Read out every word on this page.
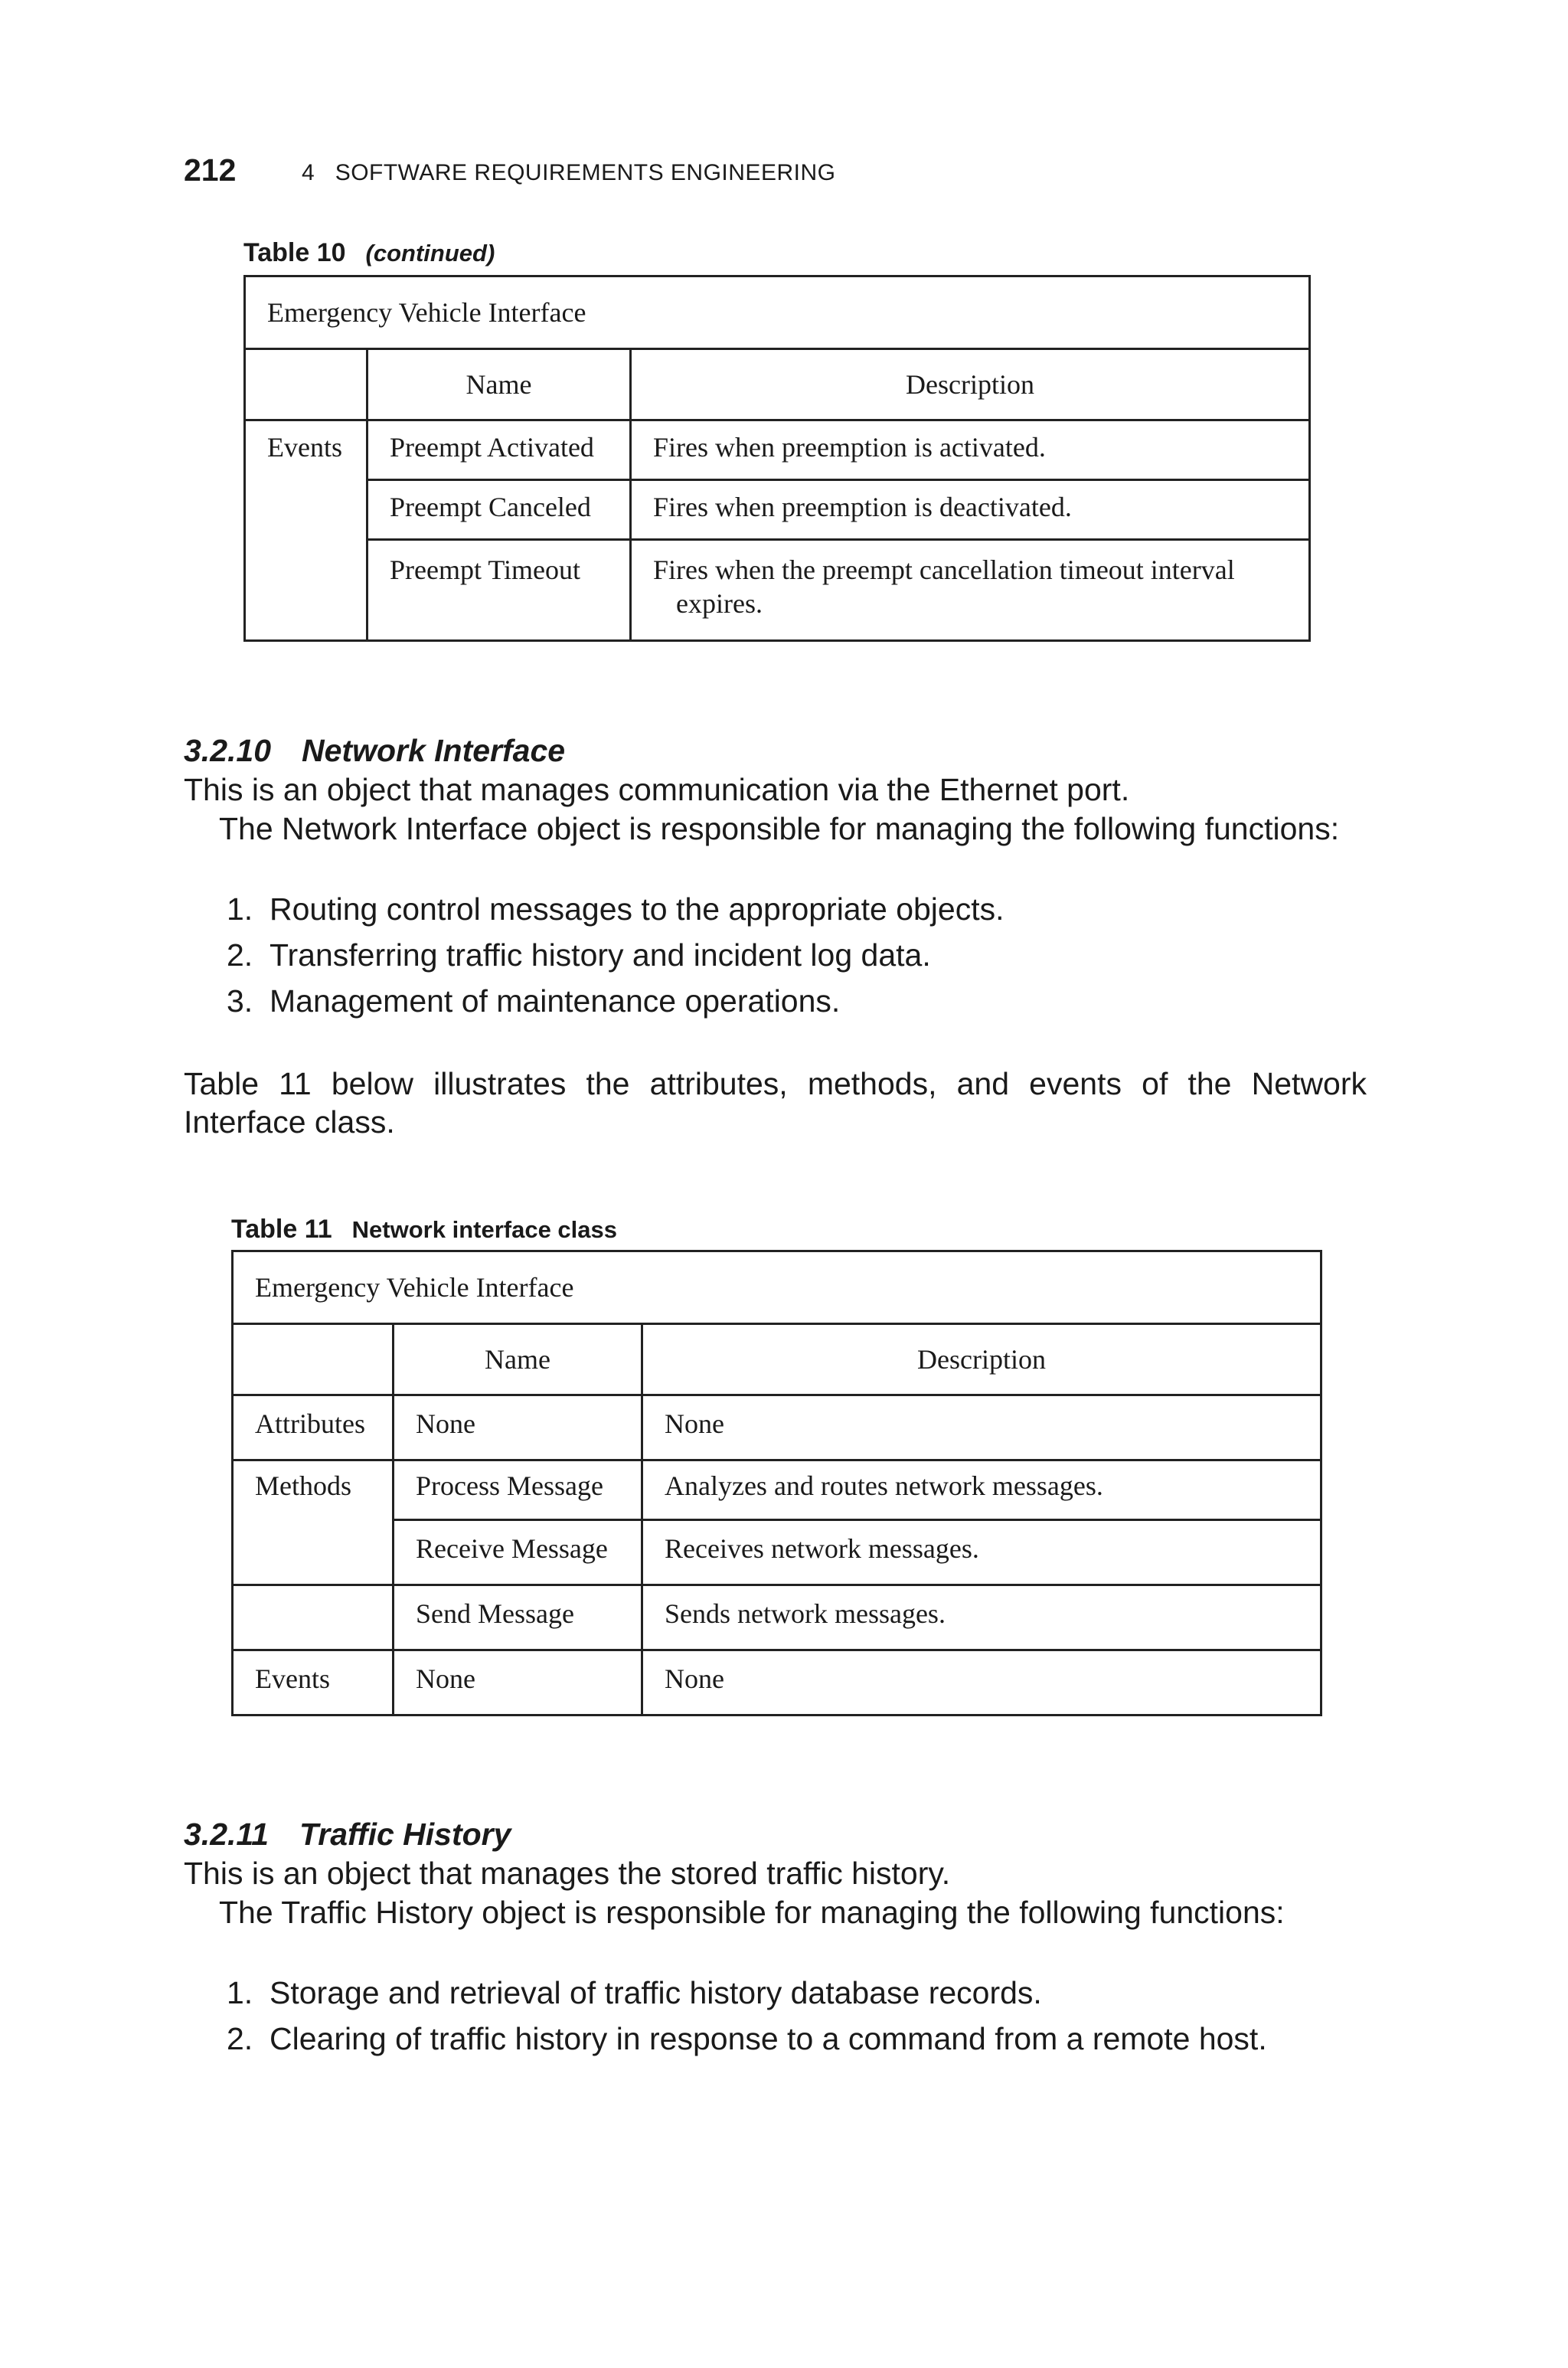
212	4   SOFTWARE REQUIREMENTS ENGINEERING
Table 10 (continued)
Emergency Vehicle Interface		
	Name	Description
Events	Preempt Activated	Fires when preemption is activated.
	Preempt Canceled	Fires when preemption is deactivated.
	Preempt Timeout	Fires when the preempt cancellation timeout interval expires.
3.2.10 Network Interface
This is an object that manages communication via the Ethernet port.
The Network Interface object is responsible for managing the following functions:
1. Routing control messages to the appropriate objects.
2. Transferring traffic history and incident log data.
3. Management of maintenance operations.
Table 11 below illustrates the attributes, methods, and events of the Network
Interface class.
Table 11 Network interface class
Emergency Vehicle Interface		
	Name	Description
Attributes	None	None
Methods	Process Message	Analyzes and routes network messages.
	Receive Message	Receives network messages.
	Send Message	Sends network messages.
Events	None	None
3.2.11 Traffic History
This is an object that manages the stored traffic history.
The Traffic History object is responsible for managing the following functions:
1. Storage and retrieval of traffic history database records.
2. Clearing of traffic history in response to a command from a remote host.
